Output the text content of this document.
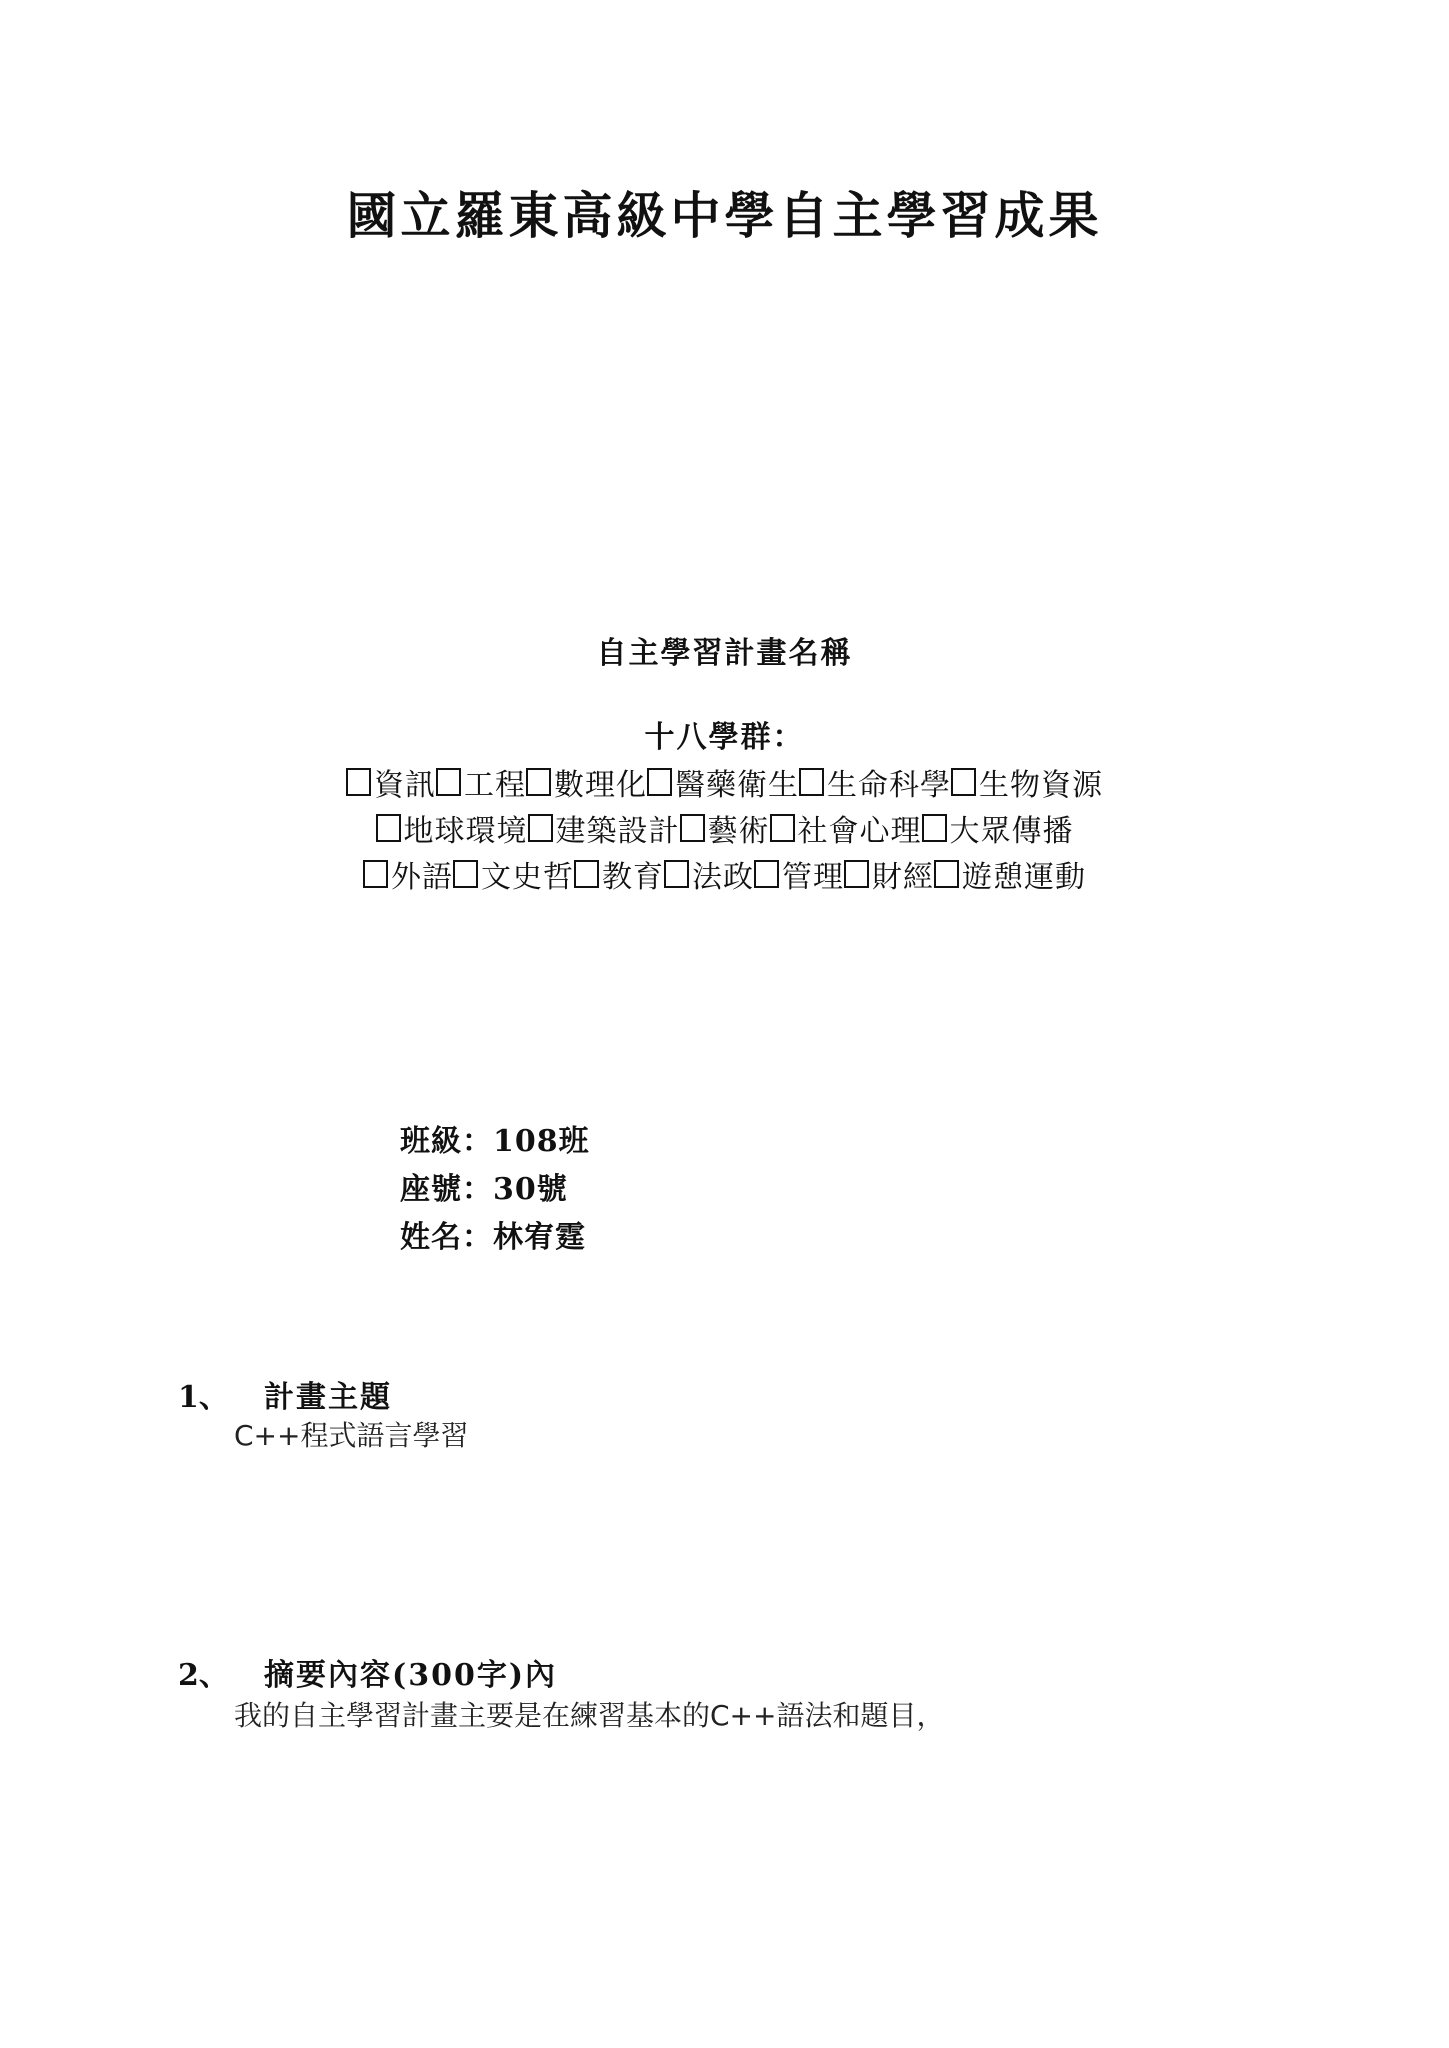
國立羅東高級中學自主學習成果
自主學習計畫名稱
十八學群：
資訊 工程 數理化 醫藥衛生 生命科學 生物資源
地球環境 建築設計 藝術 社會心理 大眾傳播
外語 文史哲 教育 法政 管理 財經 遊憩運動
班級：108班
座號：30號
姓名：林宥霆
1、 計畫主題
C++程式語言學習
2、 摘要內容(300字)內
我的自主學習計畫主要是在練習基本的C++語法和題目，
